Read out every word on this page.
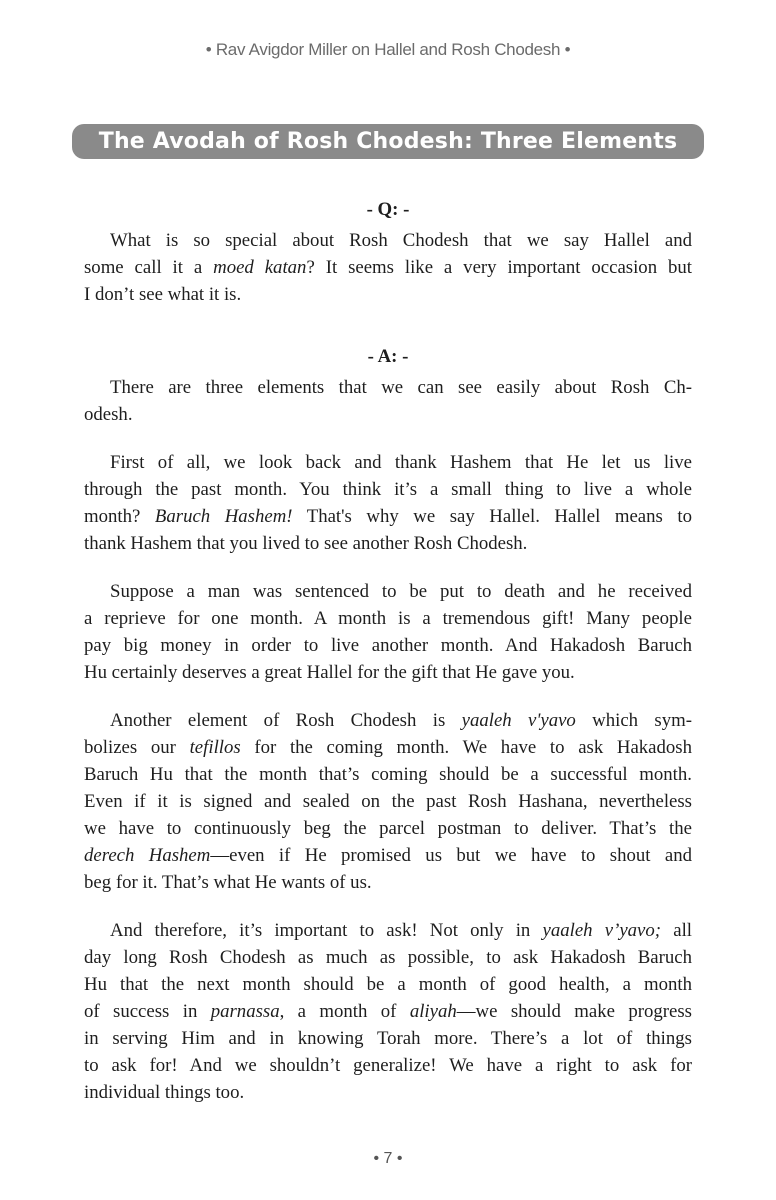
• Rav Avigdor Miller on Hallel and Rosh Chodesh •
The Avodah of Rosh Chodesh: Three Elements
- Q: -
What is so special about Rosh Chodesh that we say Hallel and
some call it a moed katan? It seems like a very important occasion but
I don’t see what it is.
- A: -
There are three elements that we can see easily about Rosh Ch-
odesh.
First of all, we look back and thank Hashem that He let us live
through the past month. You think it’s a small thing to live a whole
month? Baruch Hashem! That's why we say Hallel. Hallel means to
thank Hashem that you lived to see another Rosh Chodesh.
Suppose a man was sentenced to be put to death and he received
a reprieve for one month. A month is a tremendous gift! Many people
pay big money in order to live another month. And Hakadosh Baruch
Hu certainly deserves a great Hallel for the gift that He gave you.
Another element of Rosh Chodesh is yaaleh v'yavo which sym-
bolizes our tefillos for the coming month. We have to ask Hakadosh
Baruch Hu that the month that’s coming should be a successful month.
Even if it is signed and sealed on the past Rosh Hashana, nevertheless
we have to continuously beg the parcel postman to deliver. That’s the
derech Hashem—even if He promised us but we have to shout and
beg for it. That’s what He wants of us.
And therefore, it’s important to ask! Not only in yaaleh v’yavo; all
day long Rosh Chodesh as much as possible, to ask Hakadosh Baruch
Hu that the next month should be a month of good health, a month
of success in parnassa, a month of aliyah—we should make progress
in serving Him and in knowing Torah more. There’s a lot of things
to ask for! And we shouldn’t generalize! We have a right to ask for
individual things too.
• 7 •
